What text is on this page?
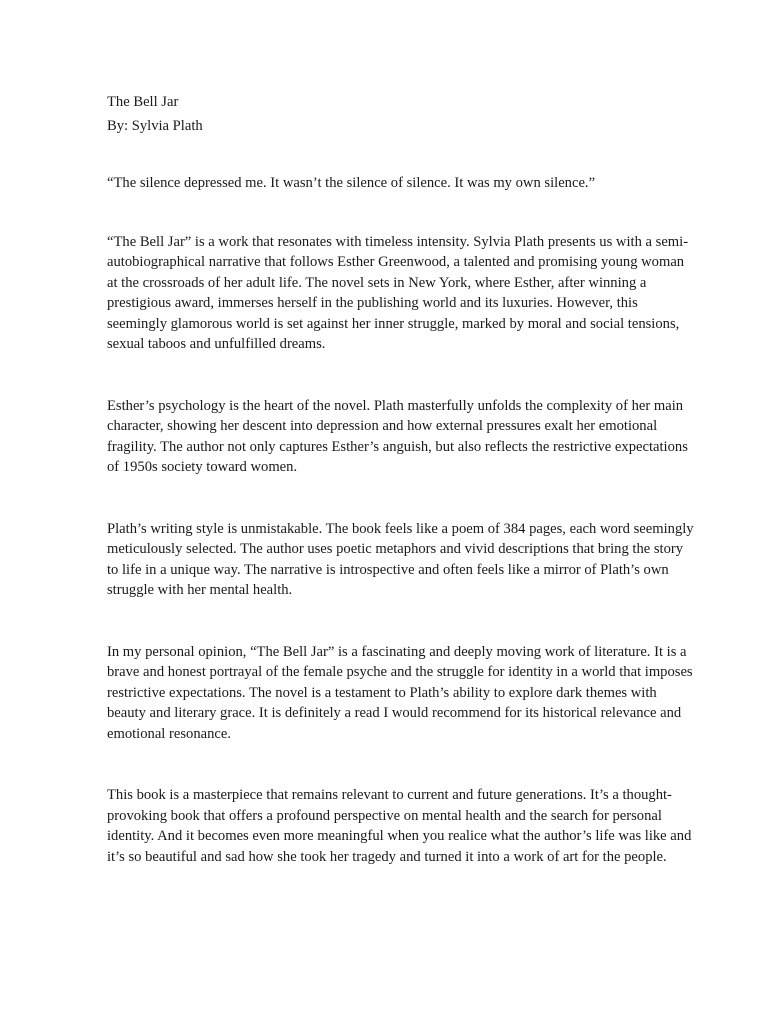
The Bell Jar

By: Sylvia Plath

“The silence depressed me. It wasn’t the silence of silence. It was my own silence.”

“The Bell Jar” is a work that resonates with timeless intensity. Sylvia Plath presents us with a semi-autobiographical narrative that follows Esther Greenwood, a talented and promising young woman at the crossroads of her adult life. The novel sets in New York, where Esther, after winning a prestigious award, immerses herself in the publishing world and its luxuries. However, this seemingly glamorous world is set against her inner struggle, marked by moral and social tensions, sexual taboos and unfulfilled dreams.

Esther’s psychology is the heart of the novel. Plath masterfully unfolds the complexity of her main character, showing her descent into depression and how external pressures exalt her emotional fragility. The author not only captures Esther’s anguish, but also reflects the restrictive expectations of 1950s society toward women.

Plath’s writing style is unmistakable. The book feels like a poem of 384 pages, each word seemingly meticulously selected. The author uses poetic metaphors and vivid descriptions that bring the story to life in a unique way. The narrative is introspective and often feels like a mirror of Plath’s own struggle with her mental health.

In my personal opinion, “The Bell Jar” is a fascinating and deeply moving work of literature. It is a brave and honest portrayal of the female psyche and the struggle for identity in a world that imposes restrictive expectations. The novel is a testament to Plath’s ability to explore dark themes with beauty and literary grace. It is definitely a read I would recommend for its historical relevance and emotional resonance.

This book is a masterpiece that remains relevant to current and future generations. It’s a thought-provoking book that offers a profound perspective on mental health and the search for personal identity. And it becomes even more meaningful when you realice what the author’s life was like and it’s so beautiful and sad how she took her tragedy and turned it into a work of art for the people.
